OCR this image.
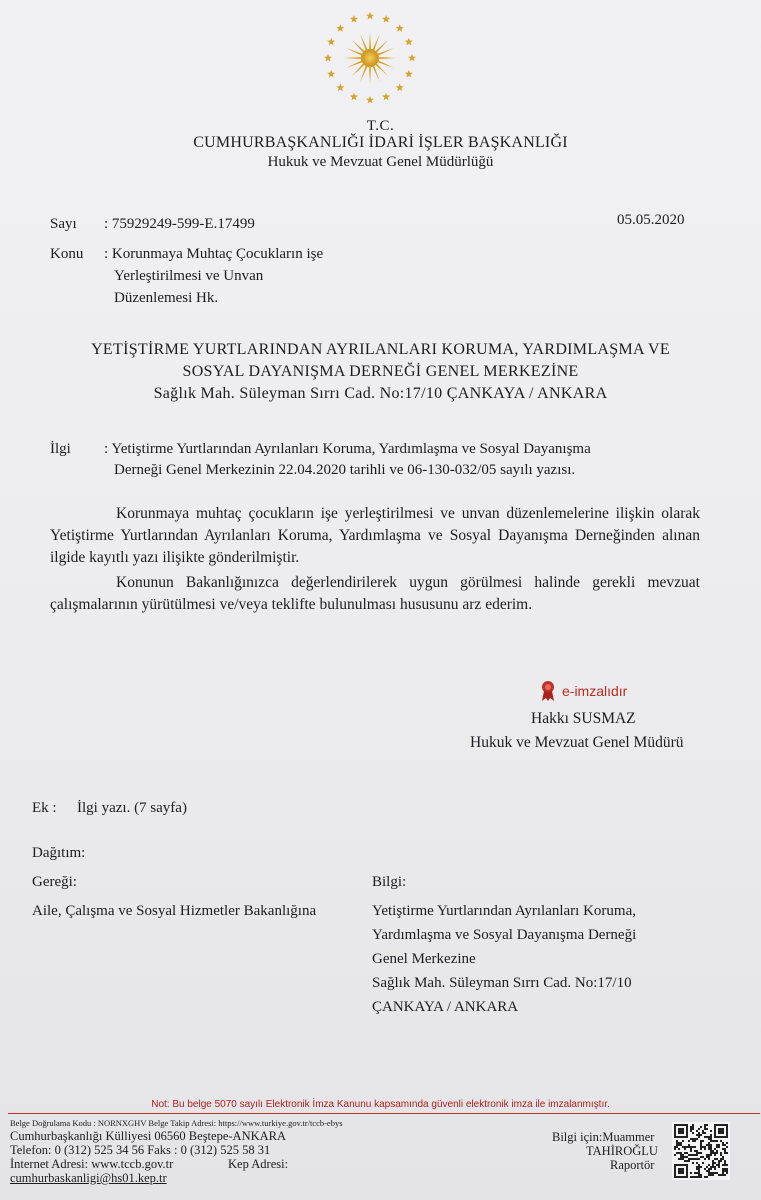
T.C.
CUMHURBAŞKANLIĞI İDARİ İŞLER BAŞKANLIĞI
Hukuk ve Mevzuat Genel Müdürlüğü
Sayı : 75929249-599-E.17499	05.05.2020
Konu : Korunmaya Muhtaç Çocukların işe
Yerleştirilmesi ve Unvan
Düzenlemesi Hk.
YETİŞTİRME YURTLARINDAN AYRILANLARI KORUMA, YARDIMLAŞMA VE
SOSYAL DAYANIŞMA DERNEĞİ GENEL MERKEZİNE
Sağlık Mah. Süleyman Sırrı Cad. No:17/10 ÇANKAYA / ANKARA
İlgi : Yetiştirme Yurtlarından Ayrılanları Koruma, Yardımlaşma ve Sosyal Dayanışma
Derneği Genel Merkezinin 22.04.2020 tarihli ve 06-130-032/05 sayılı yazısı.
Korunmaya muhtaç çocukların işe yerleştirilmesi ve unvan düzenlemelerine ilişkin olarak Yetiştirme Yurtlarından Ayrılanları Koruma, Yardımlaşma ve Sosyal Dayanışma Derneğinden alınan ilgide kayıtlı yazı ilişikte gönderilmiştir.
Konunun Bakanlığınızca değerlendirilerek uygun görülmesi halinde gerekli mevzuat çalışmalarının yürütülmesi ve/veya teklifte bulunulması hususunu arz ederim.
e-imzalıdır
Hakkı SUSMAZ
Hukuk ve Mevzuat Genel Müdürü
Ek : İlgi yazı. (7 sayfa)
Dağıtım:
Gereği:	Bilgi:
Aile, Çalışma ve Sosyal Hizmetler Bakanlığına	Yetiştirme Yurtlarından Ayrılanları Koruma,
Yardımlaşma ve Sosyal Dayanışma Derneği
Genel Merkezine
Sağlık Mah. Süleyman Sırrı Cad. No:17/10
ÇANKAYA / ANKARA
Not: Bu belge 5070 sayılı Elektronik İmza Kanunu kapsamında güvenli elektronik imza ile imzalanmıştır.
Belge Doğrulama Kodu : NORNXGHV Belge Takip Adresi: https://www.turkiye.gov.tr/tccb-ebys
Cumhurbaşkanlığı Külliyesi 06560 Beştepe-ANKARA
Telefon: 0 (312) 525 34 56 Faks : 0 (312) 525 58 31
İnternet Adresi: www.tccb.gov.tr	Kep Adresi:
cumhurbaskanligi@hs01.kep.tr
Bilgi için:Muammer
TAHİROĞLU
Raportör
